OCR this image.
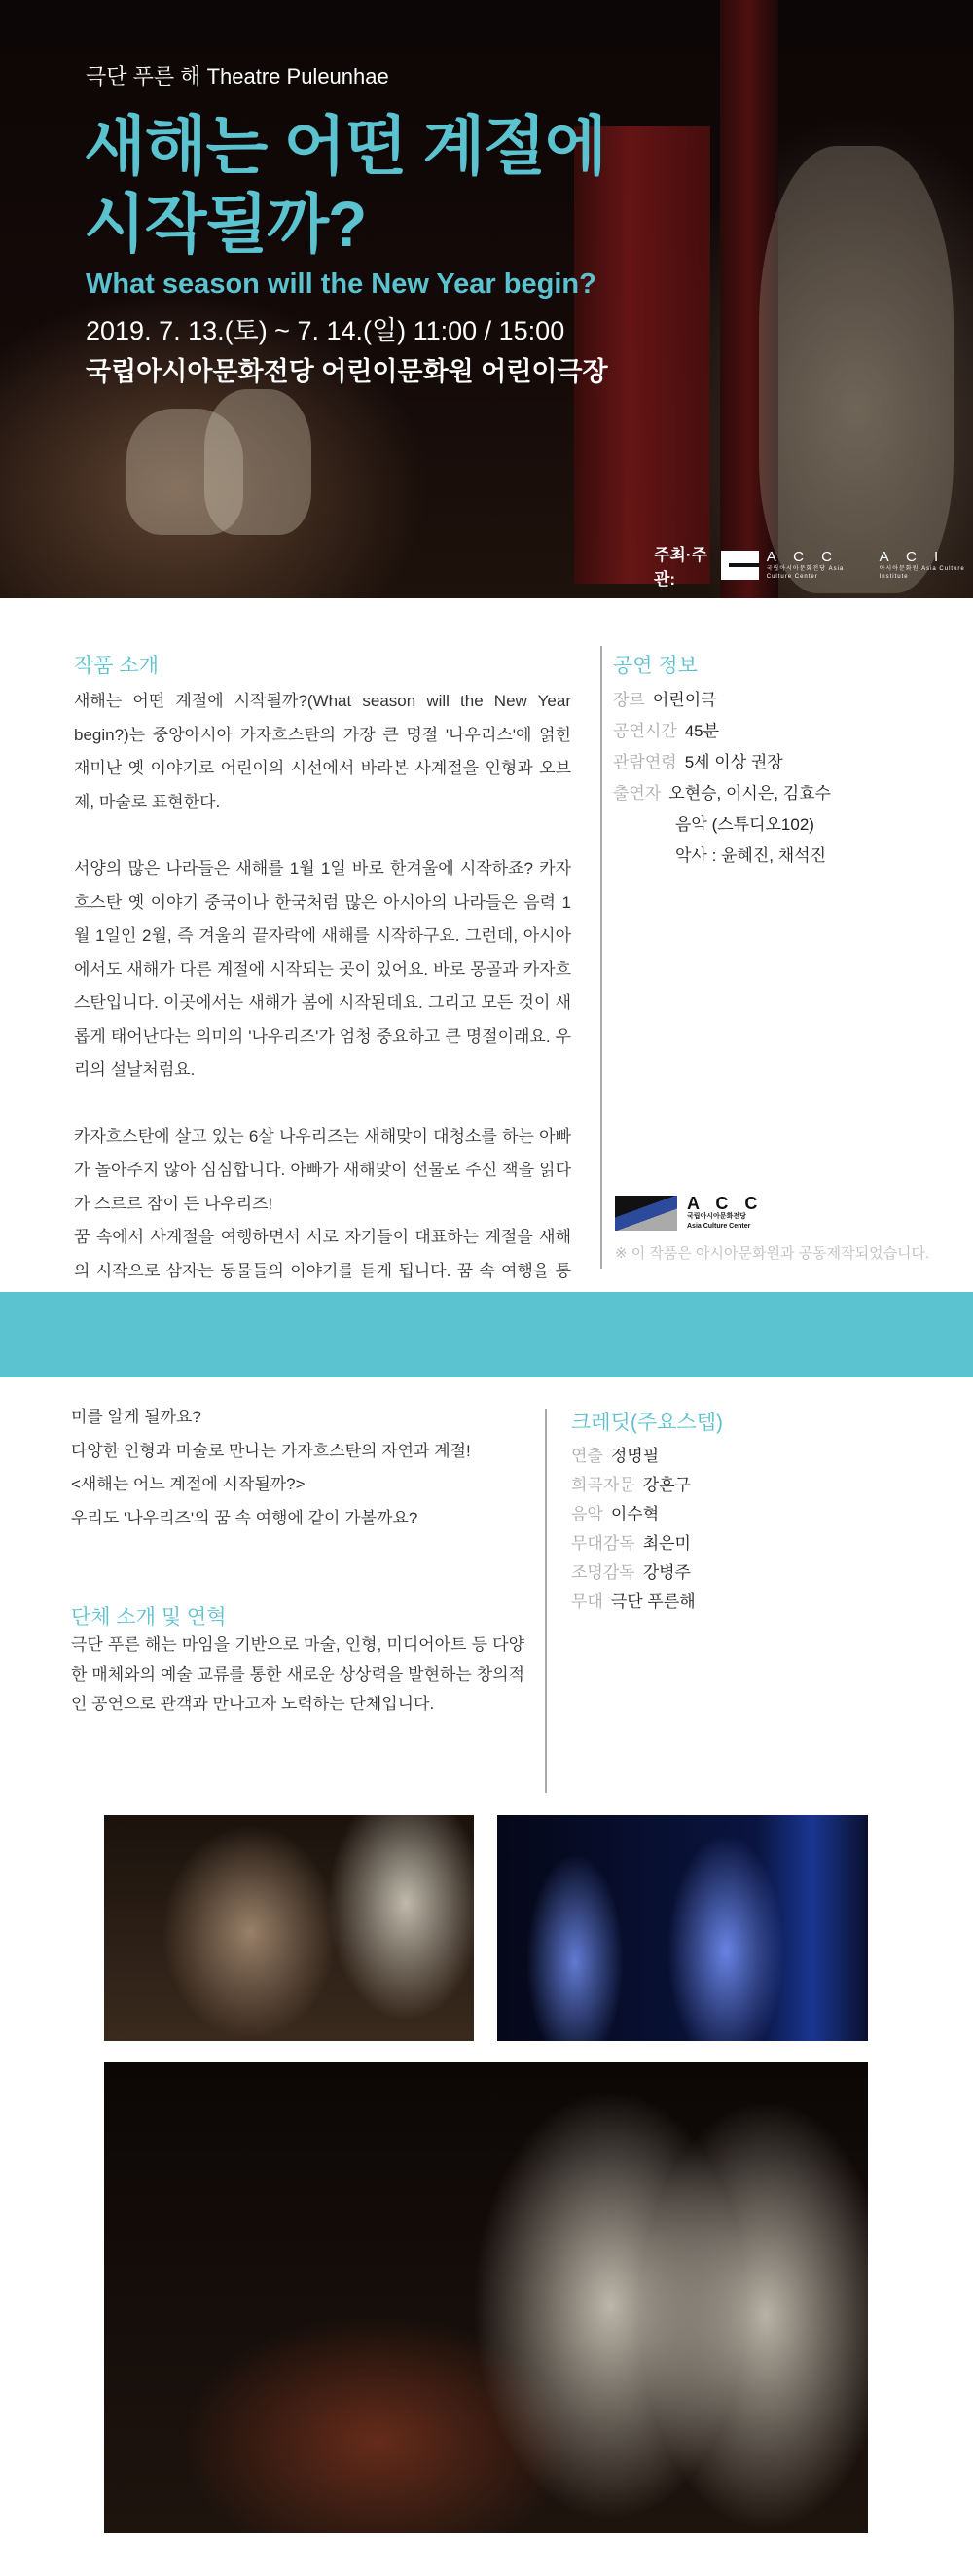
극단 푸른 해 Theatre Puleunhae
새해는 어떤 계절에
시작될까?
What season will the New Year begin?
2019. 7. 13.(토) ~ 7. 14.(일) 11:00 / 15:00
국립아시아문화전당 어린이문화원 어린이극장
주최·주관:
A C C
국립아시아문화전당 Asia Culture Center
A C I
아시아문화원 Asia Culture Institute
작품 소개

새해는 어떤 계절에 시작될까?(What season will the New Year begin?)는 중앙아시아 카자흐스탄의 가장 큰 명절 '나우리스'에 얽힌 재미난 옛 이야기로 어린이의 시선에서 바라본 사계절을 인형과 오브제, 마술로 표현한다.

서양의 많은 나라들은 새해를 1월 1일 바로 한겨울에 시작하죠? 카자흐스탄 옛 이야기 중국이나 한국처럼 많은 아시아의 나라들은 음력 1월 1일인 2월, 즉 겨울의 끝자락에 새해를 시작하구요. 그런데, 아시아에서도 새해가 다른 계절에 시작되는 곳이 있어요. 바로 몽골과 카자흐스탄입니다. 이곳에서는 새해가 봄에 시작된데요. 그리고 모든 것이 새롭게 태어난다는 의미의 '나우리즈'가 엄청 중요하고 큰 명절이래요. 우리의 설날처럼요.

카자흐스탄에 살고 있는 6살 나우리즈는 새해맞이 대청소를 하는 아빠가 놀아주지 않아 심심합니다. 아빠가 새해맞이 선물로 주신 책을 읽다가 스르르 잠이 든 나우리즈!

꿈 속에서 사계절을 여행하면서 서로 자기들이 대표하는 계절을 새해의 시작으로 삼자는 동물들의 이야기를 듣게 됩니다. 꿈 속 여행을 통

공연 정보
장르 어린이극
공연시간 45분
관람연령 5세 이상 권장
출연자 오현승, 이시은, 김효수
음악 (스튜디오102)
악사 : 윤혜진, 채석진
A C C
국립아시아문화전당
Asia Culture Center
※ 이 작품은 아시아문화원과 공동제작되었습니다.

미를 알게 될까요?

다양한 인형과 마술로 만나는 카자흐스탄의 자연과 계절!

<새해는 어느 계절에 시작될까?>

우리도 '나우리즈'의 꿈 속 여행에 같이 가볼까요?

단체 소개 및 연혁

극단 푸른 해는 마임을 기반으로 마술, 인형, 미디어아트 등 다양한 매체와의 예술 교류를 통한 새로운 상상력을 발현하는 창의적인 공연으로 관객과 만나고자 노력하는 단체입니다.

크레딧(주요스텝)
연출 정명필
희곡자문 강훈구
음악 이수혁
무대감독 최은미
조명감독 강병주
무대 극단 푸른해
